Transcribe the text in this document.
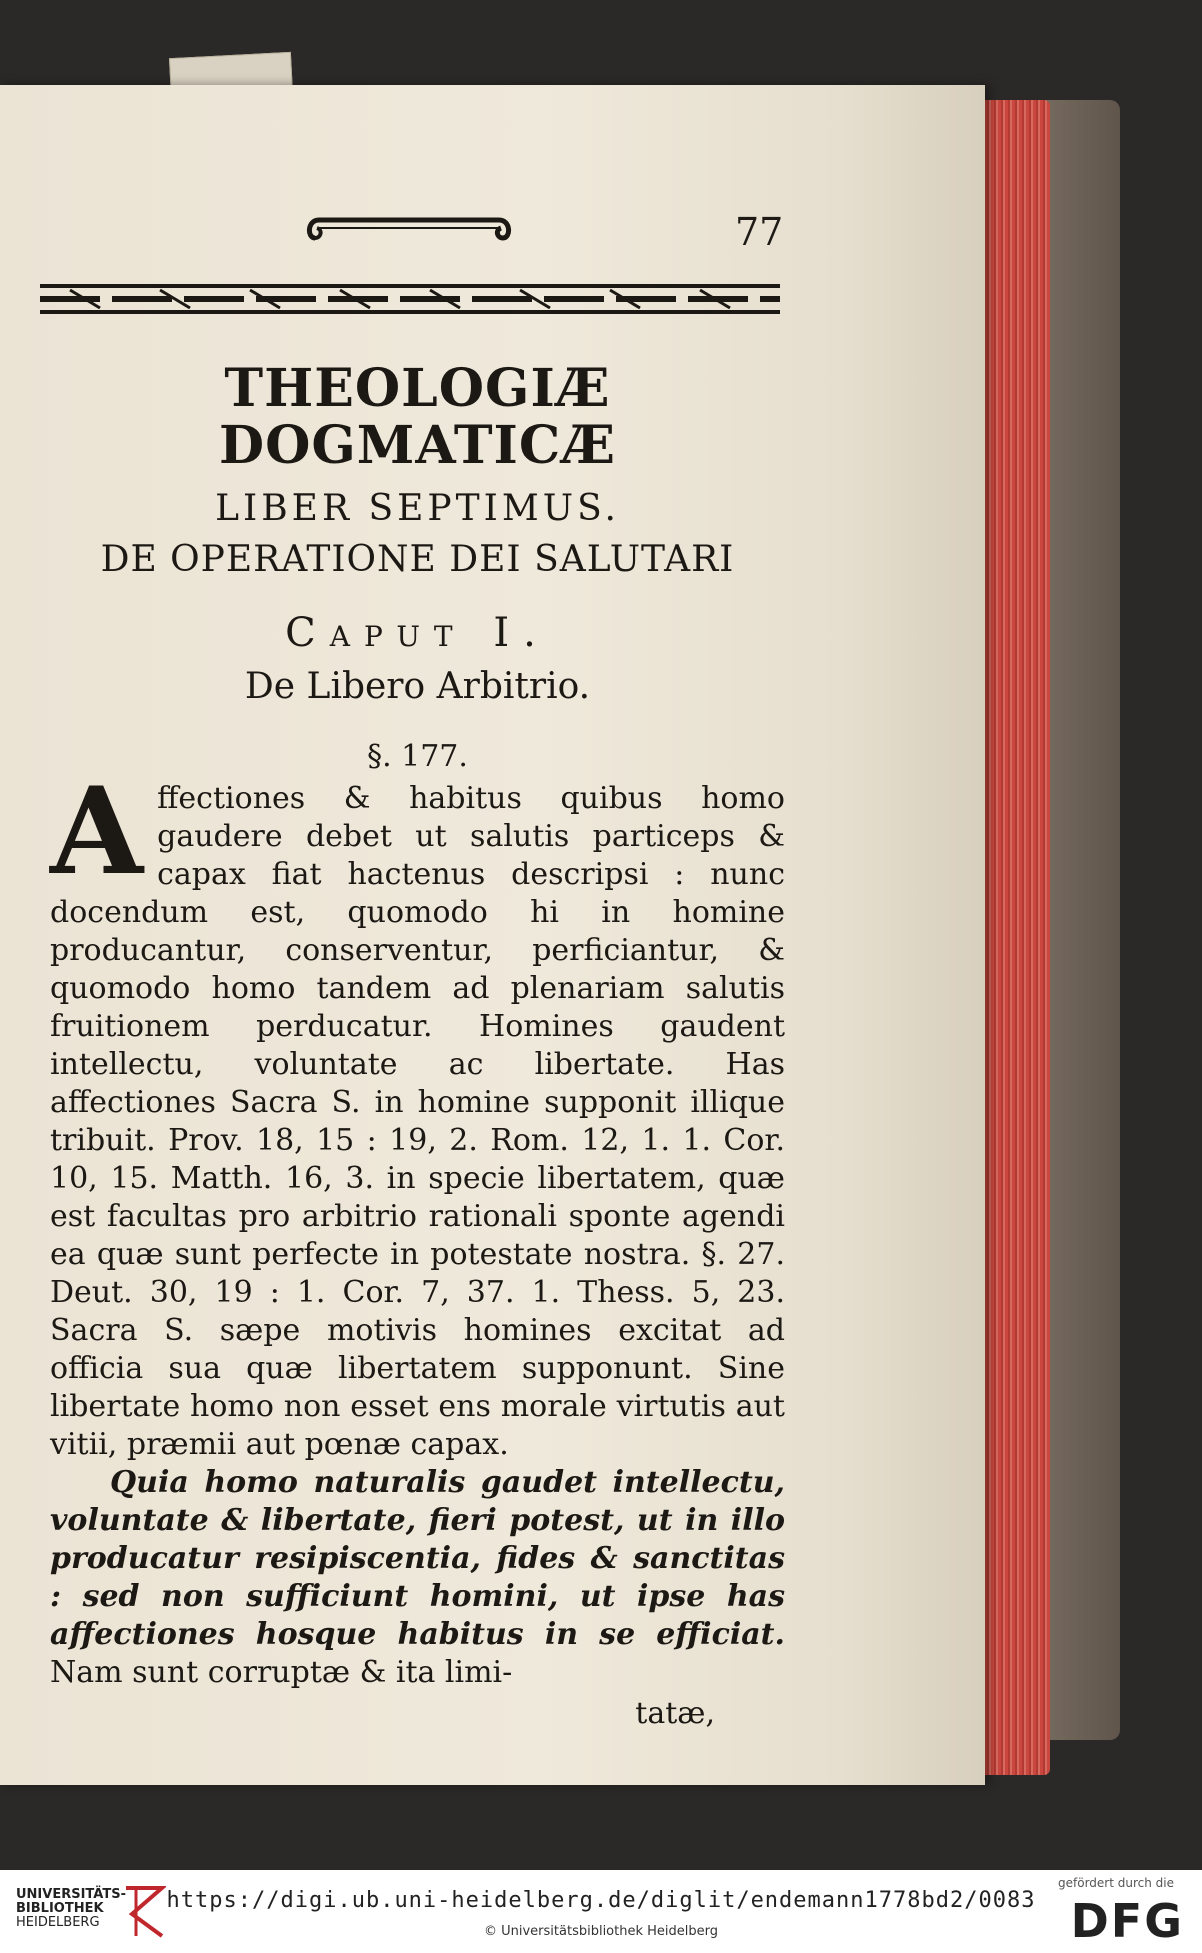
77
THEOLOGIÆ DOGMATICÆ
LIBER SEPTIMUS.
DE OPERATIONE DEI SALUTARI
Caput I.
De Libero Arbitrio.
§. 177.

Affectiones & habitus quibus homo gaudere debet ut salutis particeps & capax fiat hactenus descripsi : nunc docendum est, quomodo hi in homine producantur, conserventur, perficiantur, & quomodo homo tandem ad plenariam salutis fruitionem perducatur. Homines gaudent intellectu, voluntate ac libertate. Has affectiones Sacra S. in homine supponit illique tribuit. Prov. 18, 15 : 19, 2. Rom. 12, 1. 1. Cor. 10, 15. Matth. 16, 3. in specie libertatem, quæ est facultas pro arbitrio rationali sponte agendi ea quæ sunt perfecte in potestate nostra. §. 27. Deut. 30, 19 : 1. Cor. 7, 37. 1. Thess. 5, 23. Sacra S. sæpe motivis homines excitat ad officia sua quæ libertatem supponunt. Sine libertate homo non esset ens morale virtutis aut vitii, præmii aut pœnæ capax.

Quia homo naturalis gaudet intellectu, voluntate & libertate, fieri potest, ut in illo producatur resipiscentia, fides & sanctitas : sed non sufficiunt homini, ut ipse has affectiones hosque habitus in se efficiat. Nam sunt corruptæ & ita limi-

tatæ,
UNIVERSITÄTS-
BIBLIOTHEK
HEIDELBERG
https://digi.ub.uni-heidelberg.de/diglit/endemann1778bd2/0083
© Universitätsbibliothek Heidelberg
gefördert durch die
DFG
